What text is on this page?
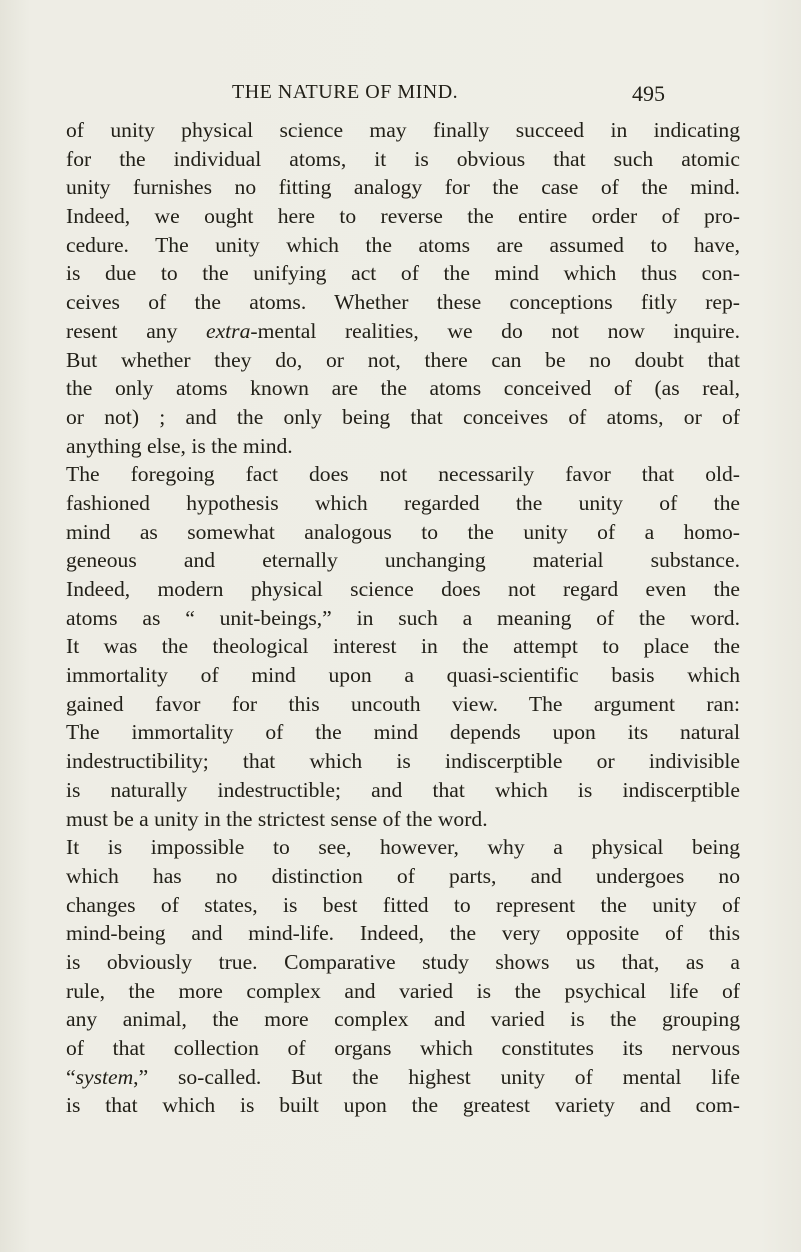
THE NATURE OF MIND.	495
of unity physical science may finally succeed in indicating
for the individual atoms, it is obvious that such atomic
unity furnishes no fitting analogy for the case of the mind.
Indeed, we ought here to reverse the entire order of pro-
cedure. The unity which the atoms are assumed to have,
is due to the unifying act of the mind which thus con-
ceives of the atoms. Whether these conceptions fitly rep-
resent any extra-mental realities, we do not now inquire.
But whether they do, or not, there can be no doubt that
the only atoms known are the atoms conceived of (as real,
or not) ; and the only being that conceives of atoms, or of
anything else, is the mind.
The foregoing fact does not necessarily favor that old-
fashioned hypothesis which regarded the unity of the
mind as somewhat analogous to the unity of a homo-
geneous and eternally unchanging material substance.
Indeed, modern physical science does not regard even the
atoms as “ unit-beings,” in such a meaning of the word.
It was the theological interest in the attempt to place the
immortality of mind upon a quasi-scientific basis which
gained favor for this uncouth view. The argument ran:
The immortality of the mind depends upon its natural
indestructibility; that which is indiscerptible or indivisible
is naturally indestructible; and that which is indiscerptible
must be a unity in the strictest sense of the word.
It is impossible to see, however, why a physical being
which has no distinction of parts, and undergoes no
changes of states, is best fitted to represent the unity of
mind-being and mind-life. Indeed, the very opposite of this
is obviously true. Comparative study shows us that, as a
rule, the more complex and varied is the psychical life of
any animal, the more complex and varied is the grouping
of that collection of organs which constitutes its nervous
“system,” so-called. But the highest unity of mental life
is that which is built upon the greatest variety and com-
